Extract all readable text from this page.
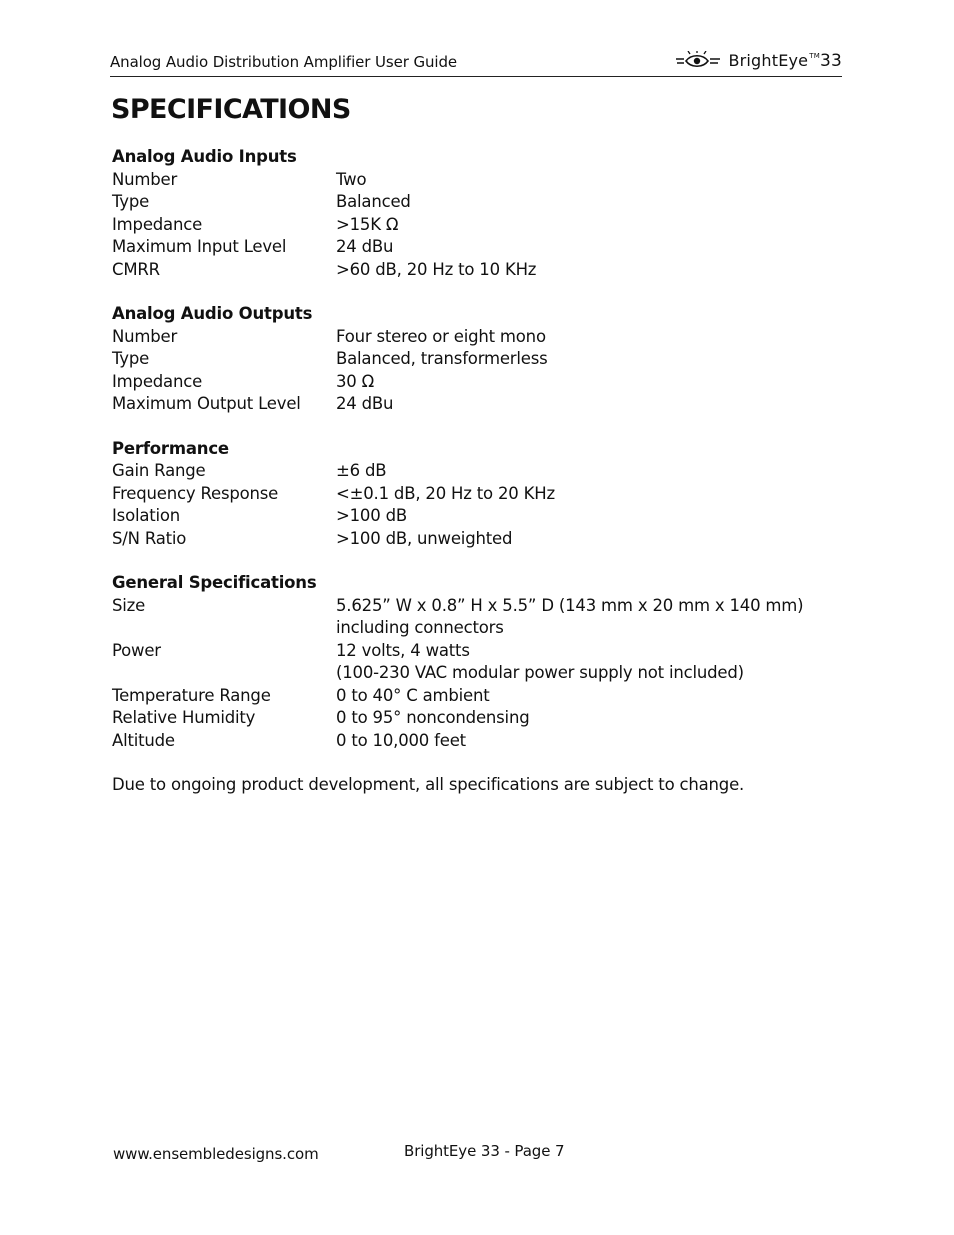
Analog Audio Distribution Amplifier User Guide	BrightEye™33
SPECIFICATIONS
Analog Audio Inputs
Number	Two
Type	Balanced
Impedance	>15K Ω
Maximum Input Level	24 dBu
CMRR	>60 dB, 20 Hz to 10 KHz
Analog Audio Outputs
Number	Four stereo or eight mono
Type	Balanced, transformerless
Impedance	30 Ω
Maximum Output Level	24 dBu
Performance
Gain Range	±6 dB
Frequency Response	<±0.1 dB, 20 Hz to 20 KHz
Isolation	>100 dB
S/N Ratio	>100 dB, unweighted
General Specifications
Size	5.625” W x 0.8” H x 5.5” D (143 mm x 20 mm x 140 mm)
including connectors
Power	12 volts, 4 watts
(100-230 VAC modular power supply not included)
Temperature Range	0 to 40° C ambient
Relative Humidity	0 to 95° noncondensing
Altitude	0 to 10,000 feet
Due to ongoing product development, all specifications are subject to change.
www.ensembledesigns.com	BrightEye 33 - Page 7
